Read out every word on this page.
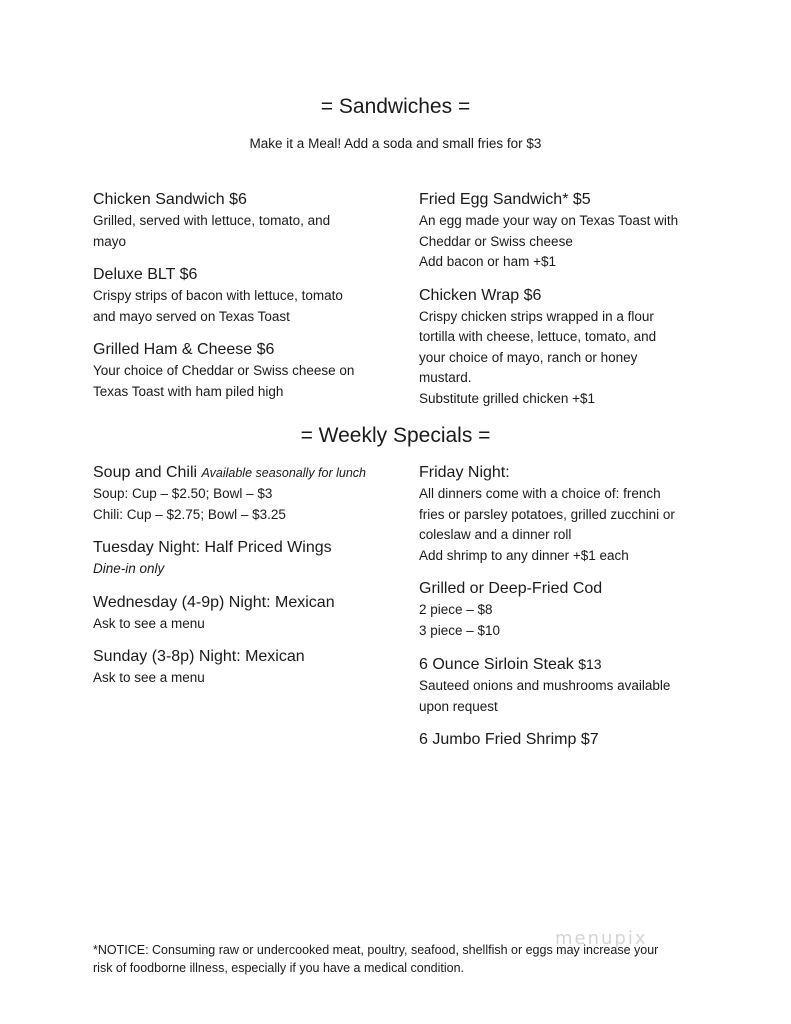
= Sandwiches =
Make it a Meal! Add a soda and small fries for $3
Chicken Sandwich $6
Grilled, served with lettuce, tomato, and
mayo
Deluxe BLT $6
Crispy strips of bacon with lettuce, tomato
and mayo served on Texas Toast
Grilled Ham & Cheese $6
Your choice of Cheddar or Swiss cheese on
Texas Toast with ham piled high
Fried Egg Sandwich* $5
An egg made your way on Texas Toast with
Cheddar or Swiss cheese
Add bacon or ham +$1
Chicken Wrap $6
Crispy chicken strips wrapped in a flour
tortilla with cheese, lettuce, tomato, and
your choice of mayo, ranch or honey
mustard.
Substitute grilled chicken +$1
= Weekly Specials =
Soup and Chili Available seasonally for lunch
Soup: Cup – $2.50; Bowl – $3
Chili: Cup – $2.75; Bowl – $3.25
Tuesday Night: Half Priced Wings
Dine-in only
Wednesday (4-9p) Night: Mexican
Ask to see a menu
Sunday (3-8p) Night: Mexican
Ask to see a menu
Friday Night:
All dinners come with a choice of: french
fries or parsley potatoes, grilled zucchini or
coleslaw and a dinner roll
Add shrimp to any dinner +$1 each
Grilled or Deep-Fried Cod
2 piece – $8
3 piece – $10
6 Ounce Sirloin Steak $13
Sauteed onions and mushrooms available
upon request
6 Jumbo Fried Shrimp $7
menupix
*NOTICE: Consuming raw or undercooked meat, poultry, seafood, shellfish or eggs may increase your
risk of foodborne illness, especially if you have a medical condition.
